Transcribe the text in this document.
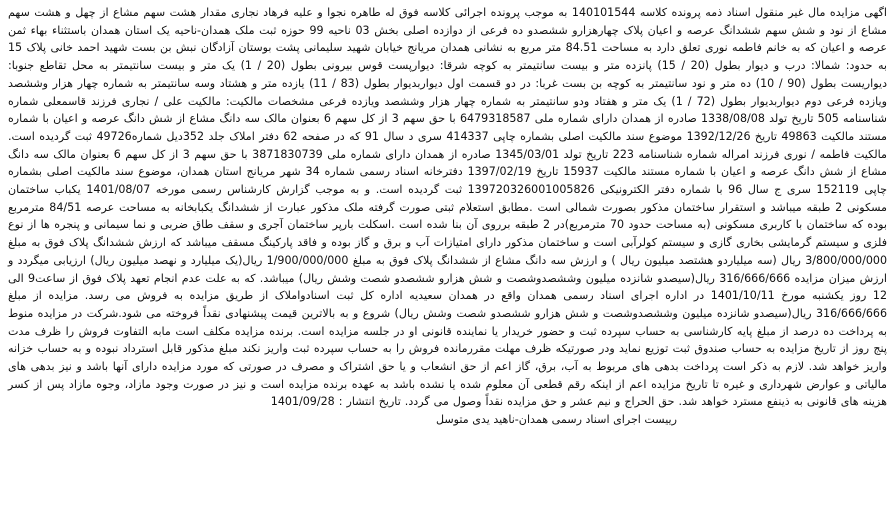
اگهی مزایده مال غیر منقول اسناد ذمه پرونده کلاسه 140101544 به موجب پرونده اجرائی کلاسه فوق له طاهره نجوا و علیه فرهاد نجاری مقدار هشت سهم مشاع از چهل و هشت سهم مشاع از نود و شش سهم ششدانگ عرصه و اعیان پلاک چهارهزارو ششصدو ده فرعی از دوازده اصلی بخش 03 ناحیه 99 حوزه ثبت ملک همدان-ناحیه یک استان همدان باستثناء بهاء ثمن عرصه و اعیان که به خانم فاطمه نوری تعلق دارد به مساحت 84.51 متر مربع به نشانی همدان مریانج خیابان شهید سلیمانی پشت بوستان آزادگان نبش بن بست شهید احمد خانی پلاک 15 به حدود: شمالا: درب و دیوار بطول (20 / 15) پانزده متر و بیست سانتیمتر به کوچه شرقا: دیوارپست قوس بیرونی بطول (20 / 1) یک متر و بیست سانتیمتر به محل تقاطع جنوبا: دیواریست بطول (90 / 10) ده متر و نود سانتیمتر به کوچه بن بست غربا: در دو قسمت اول دیواربدیوار بطول (83 / 11) یازده متر و هشتاد وسه سانتیمتر به شماره چهار هزار وششصد ویازده فرعی دوم دیواربدیوار بطول (72 / 1) یک متر و هفتاد ودو سانتیمتر به شماره چهار هزار وششصد ویازده فرعی مشخصات مالکیت: مالکیت علی / نجاری فرزند قاسمعلی شماره شناسنامه 505 تاریخ تولد 1338/08/08 صادره از همدان دارای شماره ملی 6479318587 با حق سهم 3 از کل سهم 6 بعنوان مالک سه دانگ مشاع از شش دانگ عرصه و اعیان با شماره مستند مالکیت 49863 تاریخ 1392/12/26 موضوع سند مالکیت اصلی بشماره چاپی 414337 سری د سال 91 که در صفحه 62 دفتر املاک جلد 352دیل شماره49726 ثبت گردیده است. مالکیت فاطمه / نوری فرزند امراله شماره شناسنامه 223 تاریخ تولد 1345/03/01 صادره از همدان دارای شماره ملی 3871830739 با حق سهم 3 از کل سهم 6 بعنوان مالک سه دانگ مشاع از شش دانگ عرصه و اعیان با شماره مستند مالکیت 15937 تاریخ 1397/02/19 دفترخانه اسناد رسمی شماره 34 شهر مریانج استان همدان، موضوع سند مالکیت اصلی بشماره چاپی 152119 سری ج سال 96 با شماره دفتر الکترونیکی 139720326001005826 ثبت گردیده است. و به موجب گزارش کارشناس رسمی مورخه 1401/08/07 یکباب ساختمان مسکونی 2 طبقه میباشد و استقرار ساختمان مذکور بصورت شمالی است .مطابق استعلام ثبتی صورت گرفته ملک مذکور عبارت از ششدانگ یکبابخانه به مساحت عرصه 84/51 مترمربع بوده که ساختمان با کاربری مسکونی (به مساحت حدود 70 مترمربع)در 2 طبقه برروی آن بنا شده است .اسکلت بارپر ساختمان آجری و سقف طاق ضربی و نما سیمانی و پنجره ها از نوع فلزی و سیستم گرمایشی بخاری گازی و سیستم کولرآبی است و ساختمان مذکور دارای امتیازات آب و برق و گاز بوده و فاقد پارکینگ مسقف میباشد که ارزش ششدانگ پلاک فوق به مبلغ 3/800/000/000 ریال (سه میلیاردو هشتصد میلیون ریال ) و ارزش سه دانگ مشاع از ششدانگ پلاک فوق به مبلغ 1/900/000/000 ریال(یک میلیارد و نهصد میلیون ریال) ارزیابی میگردد و ارزش میزان مزایده 316/666/666 ریال(سیصدو شانزده میلیون وششصدوشصت و شش هزارو ششصدو شصت وشش ریال) میباشد. که به علت عدم انجام تعهد پلاک فوق از ساعت9 الی 12 روز یکشنبه مورخ 1401/10/11 در اداره اجرای اسناد رسمی همدان واقع در همدان سعیدیه اداره کل ثبت اسنادواملاک از طریق مزایده به فروش می رسد. مزایده از مبلغ 316/666/666 ریال(سیصدو شانزده میلیون وششصدوشصت و شش هزارو ششصدو شصت وشش ریال) شروع و به بالاترین قیمت پیشنهادی نقداً فروخته می شود.شرکت در مزایده منوط به پرداخت ده درصد از مبلغ پایه کارشناسی به حساب سپرده ثبت و حضور خریدار یا نماینده قانونی او در جلسه مزایده است. برنده مزایده مکلف است مابه التفاوت فروش را ظرف مدت پنج روز از تاریخ مزایده به حساب صندوق ثبت توزیع نماید ودر صورتیکه ظرف مهلت مقررمانده فروش را به حساب سپرده ثبت واریز نکند مبلغ مذکور قابل استرداد نبوده و به حساب خزانه واریز خواهد شد. لازم به ذکر است پرداخت بدهی های مربوط به آب، برق، گاز اعم از حق انشعاب و یا حق اشتراک و مصرف در صورتی که مورد مزایده دارای آنها باشد و نیز بدهی های مالیاتی و عوارض شهرداری و غیره تا تاریخ مزایده اعم از اینکه رقم قطعی آن معلوم شده یا نشده باشد به عهده برنده مزایده است و نیز در صورت وجود مازاد، وجوه مازاد پس از کسر هزینه های قانونی به ذینفع مسترد خواهد شد. حق الحراج و نیم عشر و حق مزایده نقداً وصول می گردد. تاریخ انتشار : 1401/09/28

رییست اجرای اسناد رسمی همدان-ناهید یدی متوسل
